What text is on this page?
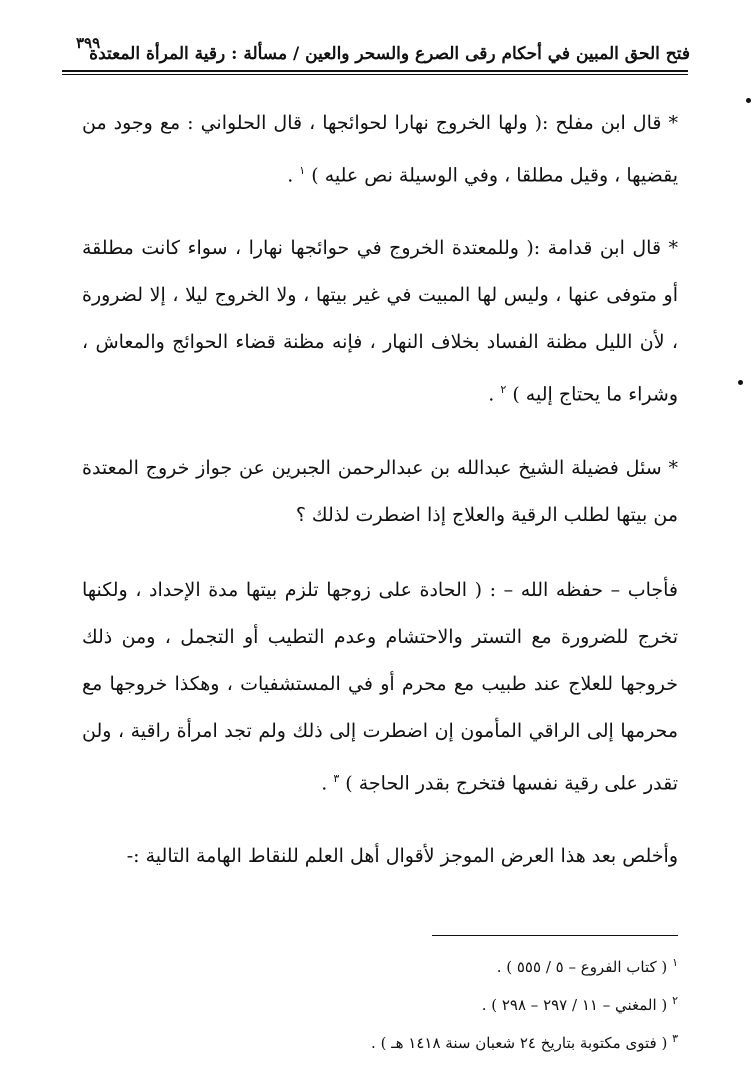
فتح الحق المبين في أحكام رقى الصرع والسحر والعين / مسألة : رقية المرأة المعتدة
٣٩٩

* قال ابن مفلح :( ولها الخروج نهارا لحوائجها ، قال الحلواني : مع وجود من يقضيها ، وقيل مطلقا ، وفي الوسيلة نص عليه ) $^١$ .

* قال ابن قدامة :( وللمعتدة الخروج في حوائجها نهارا ، سواء كانت مطلقة أو متوفى عنها ، وليس لها المبيت في غير بيتها ، ولا الخروج ليلا ، إلا لضرورة ، لأن الليل مظنة الفساد بخلاف النهار ، فإنه مظنة قضاء الحوائج والمعاش ، وشراء ما يحتاج إليه ) $^٢$ .

* سئل فضيلة الشيخ عبدالله بن عبدالرحمن الجبرين عن جواز خروج المعتدة من بيتها لطلب الرقية والعلاج إذا اضطرت لذلك ؟

فأجاب – حفظه الله – : ( الحادة على زوجها تلزم بيتها مدة الإحداد ، ولكنها تخرج للضرورة مع التستر والاحتشام وعدم التطيب أو التجمل ، ومن ذلك خروجها للعلاج عند طبيب مع محرم أو في المستشفيات ، وهكذا خروجها مع محرمها إلى الراقي المأمون إن اضطرت إلى ذلك ولم تجد امرأة راقية ، ولن تقدر على رقية نفسها فتخرج بقدر الحاجة ) $^٣$ .

وأخلص بعد هذا العرض الموجز لأقوال أهل العلم للنقاط الهامة التالية :-

$^١$ ( كتاب الفروع – ٥ / ٥٥٥ ) .

$^٢$ ( المغني – ١١ / ٢٩٧ – ٢٩٨ ) .

$^٣$ ( فتوى مكتوبة بتاريخ ٢٤ شعبان سنة ١٤١٨ هـ ) .
